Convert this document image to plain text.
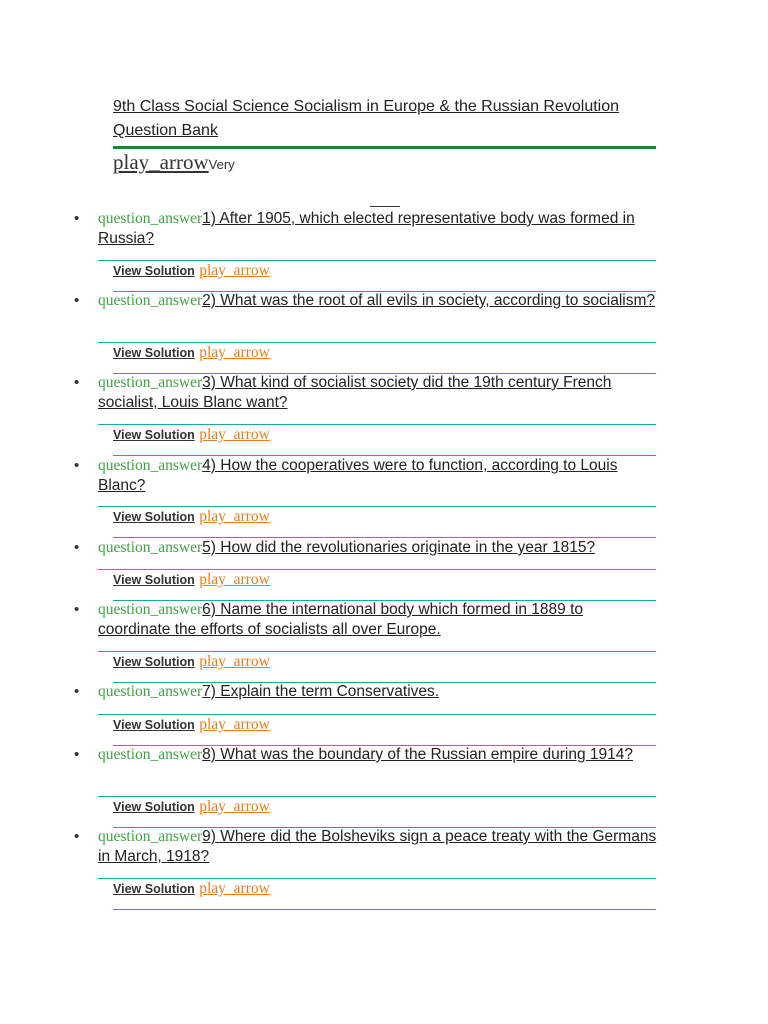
9th Class Social Science Socialism in Europe & the Russian Revolution Question Bank
play_arrowVery
• question_answer1) After 1905, which elected representative body was formed in Russia?
View Solution play_arrow
• question_answer2) What was the root of all evils in society, according to socialism?
View Solution play_arrow
• question_answer3) What kind of socialist society did the 19th century French socialist, Louis Blanc want?
View Solution play_arrow
• question_answer4) How the cooperatives were to function, according to Louis Blanc?
View Solution play_arrow
• question_answer5) How did the revolutionaries originate in the year 1815?
View Solution play_arrow
• question_answer6) Name the international body which formed in 1889 to coordinate the efforts of socialists all over Europe.
View Solution play_arrow
• question_answer7) Explain the term Conservatives.
View Solution play_arrow
• question_answer8) What was the boundary of the Russian empire during 1914?
View Solution play_arrow
• question_answer9) Where did the Bolsheviks sign a peace treaty with the Germans in March, 1918?
View Solution play_arrow
